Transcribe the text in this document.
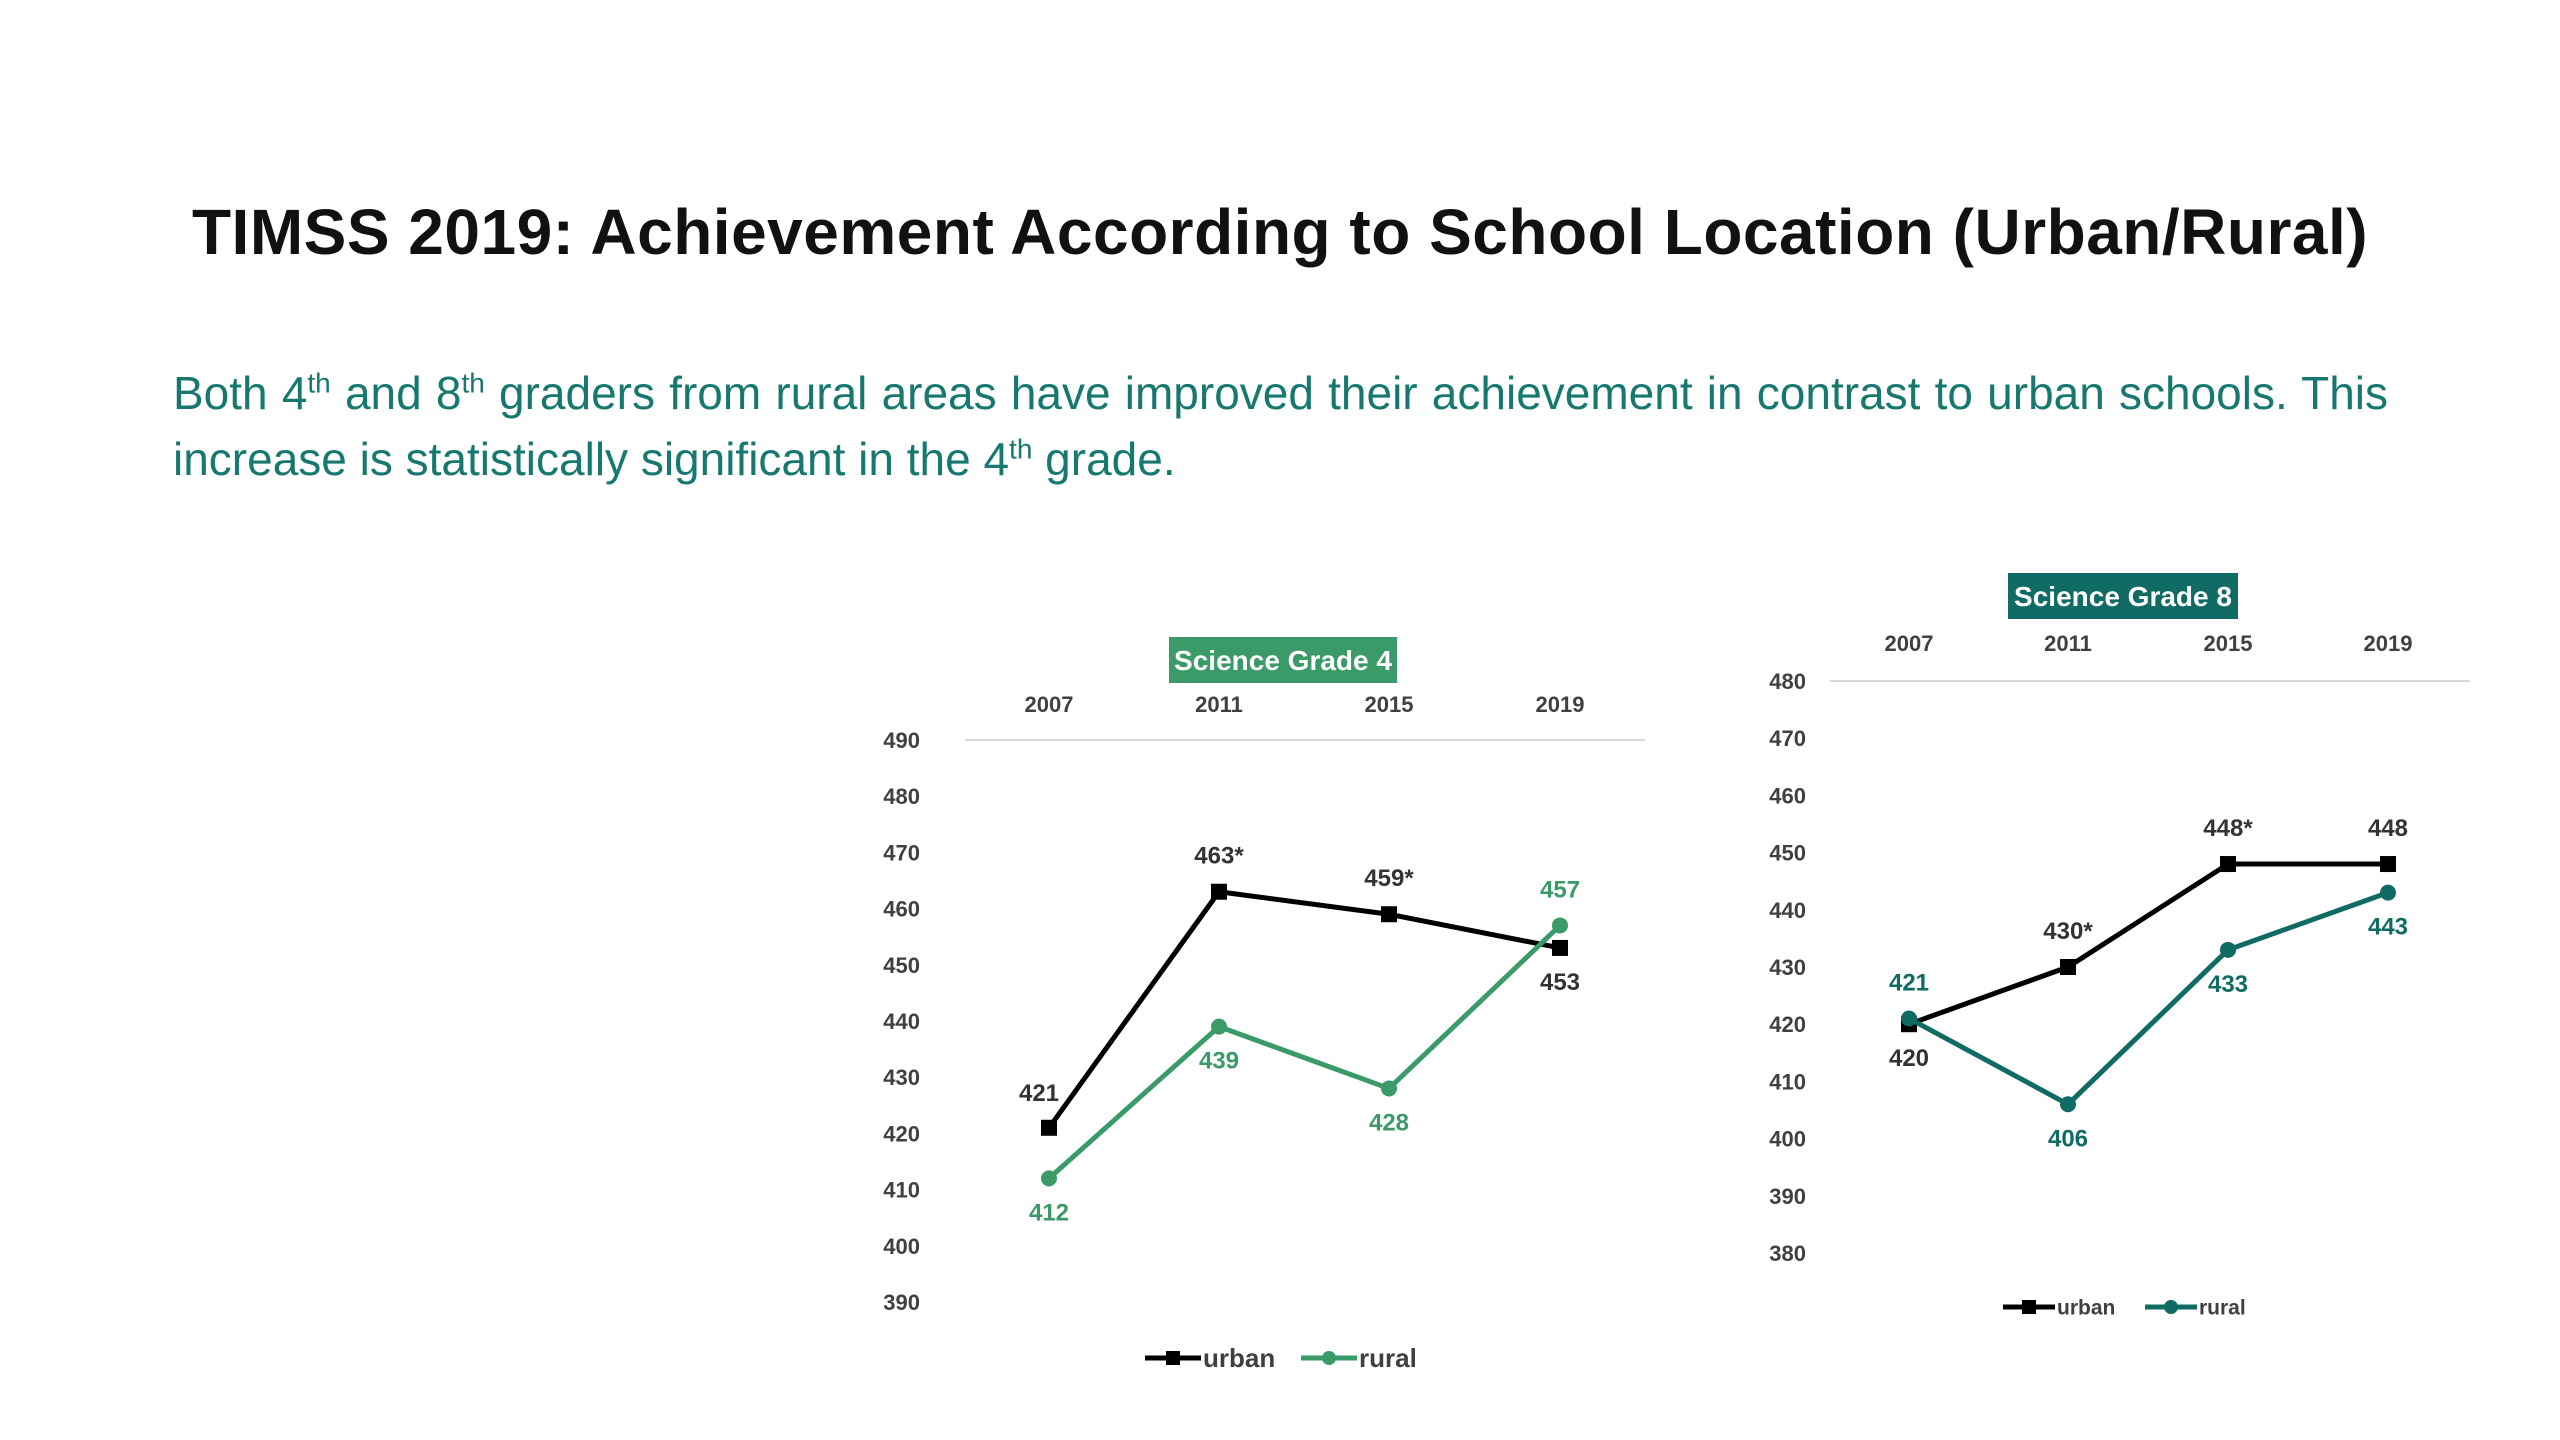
TIMSS 2019: Achievement According to School Location (Urban/Rural)
Both 4th and 8th graders from rural areas have improved their achievement in contrast to urban schools. This increase is statistically significant in the 4th grade.
Science Grade 4
2007	2011	2015	2019
490
480
470
460
450
440
430
420
410
400
390
421
463*
459*
453
412
439
428
457
urban	rural
Science Grade 8
2007	2011	2015	2019
480
470
460
450
440
430
420
410
400
390
380
420
430*
448*	448
421
406
433
443
urban	rural
